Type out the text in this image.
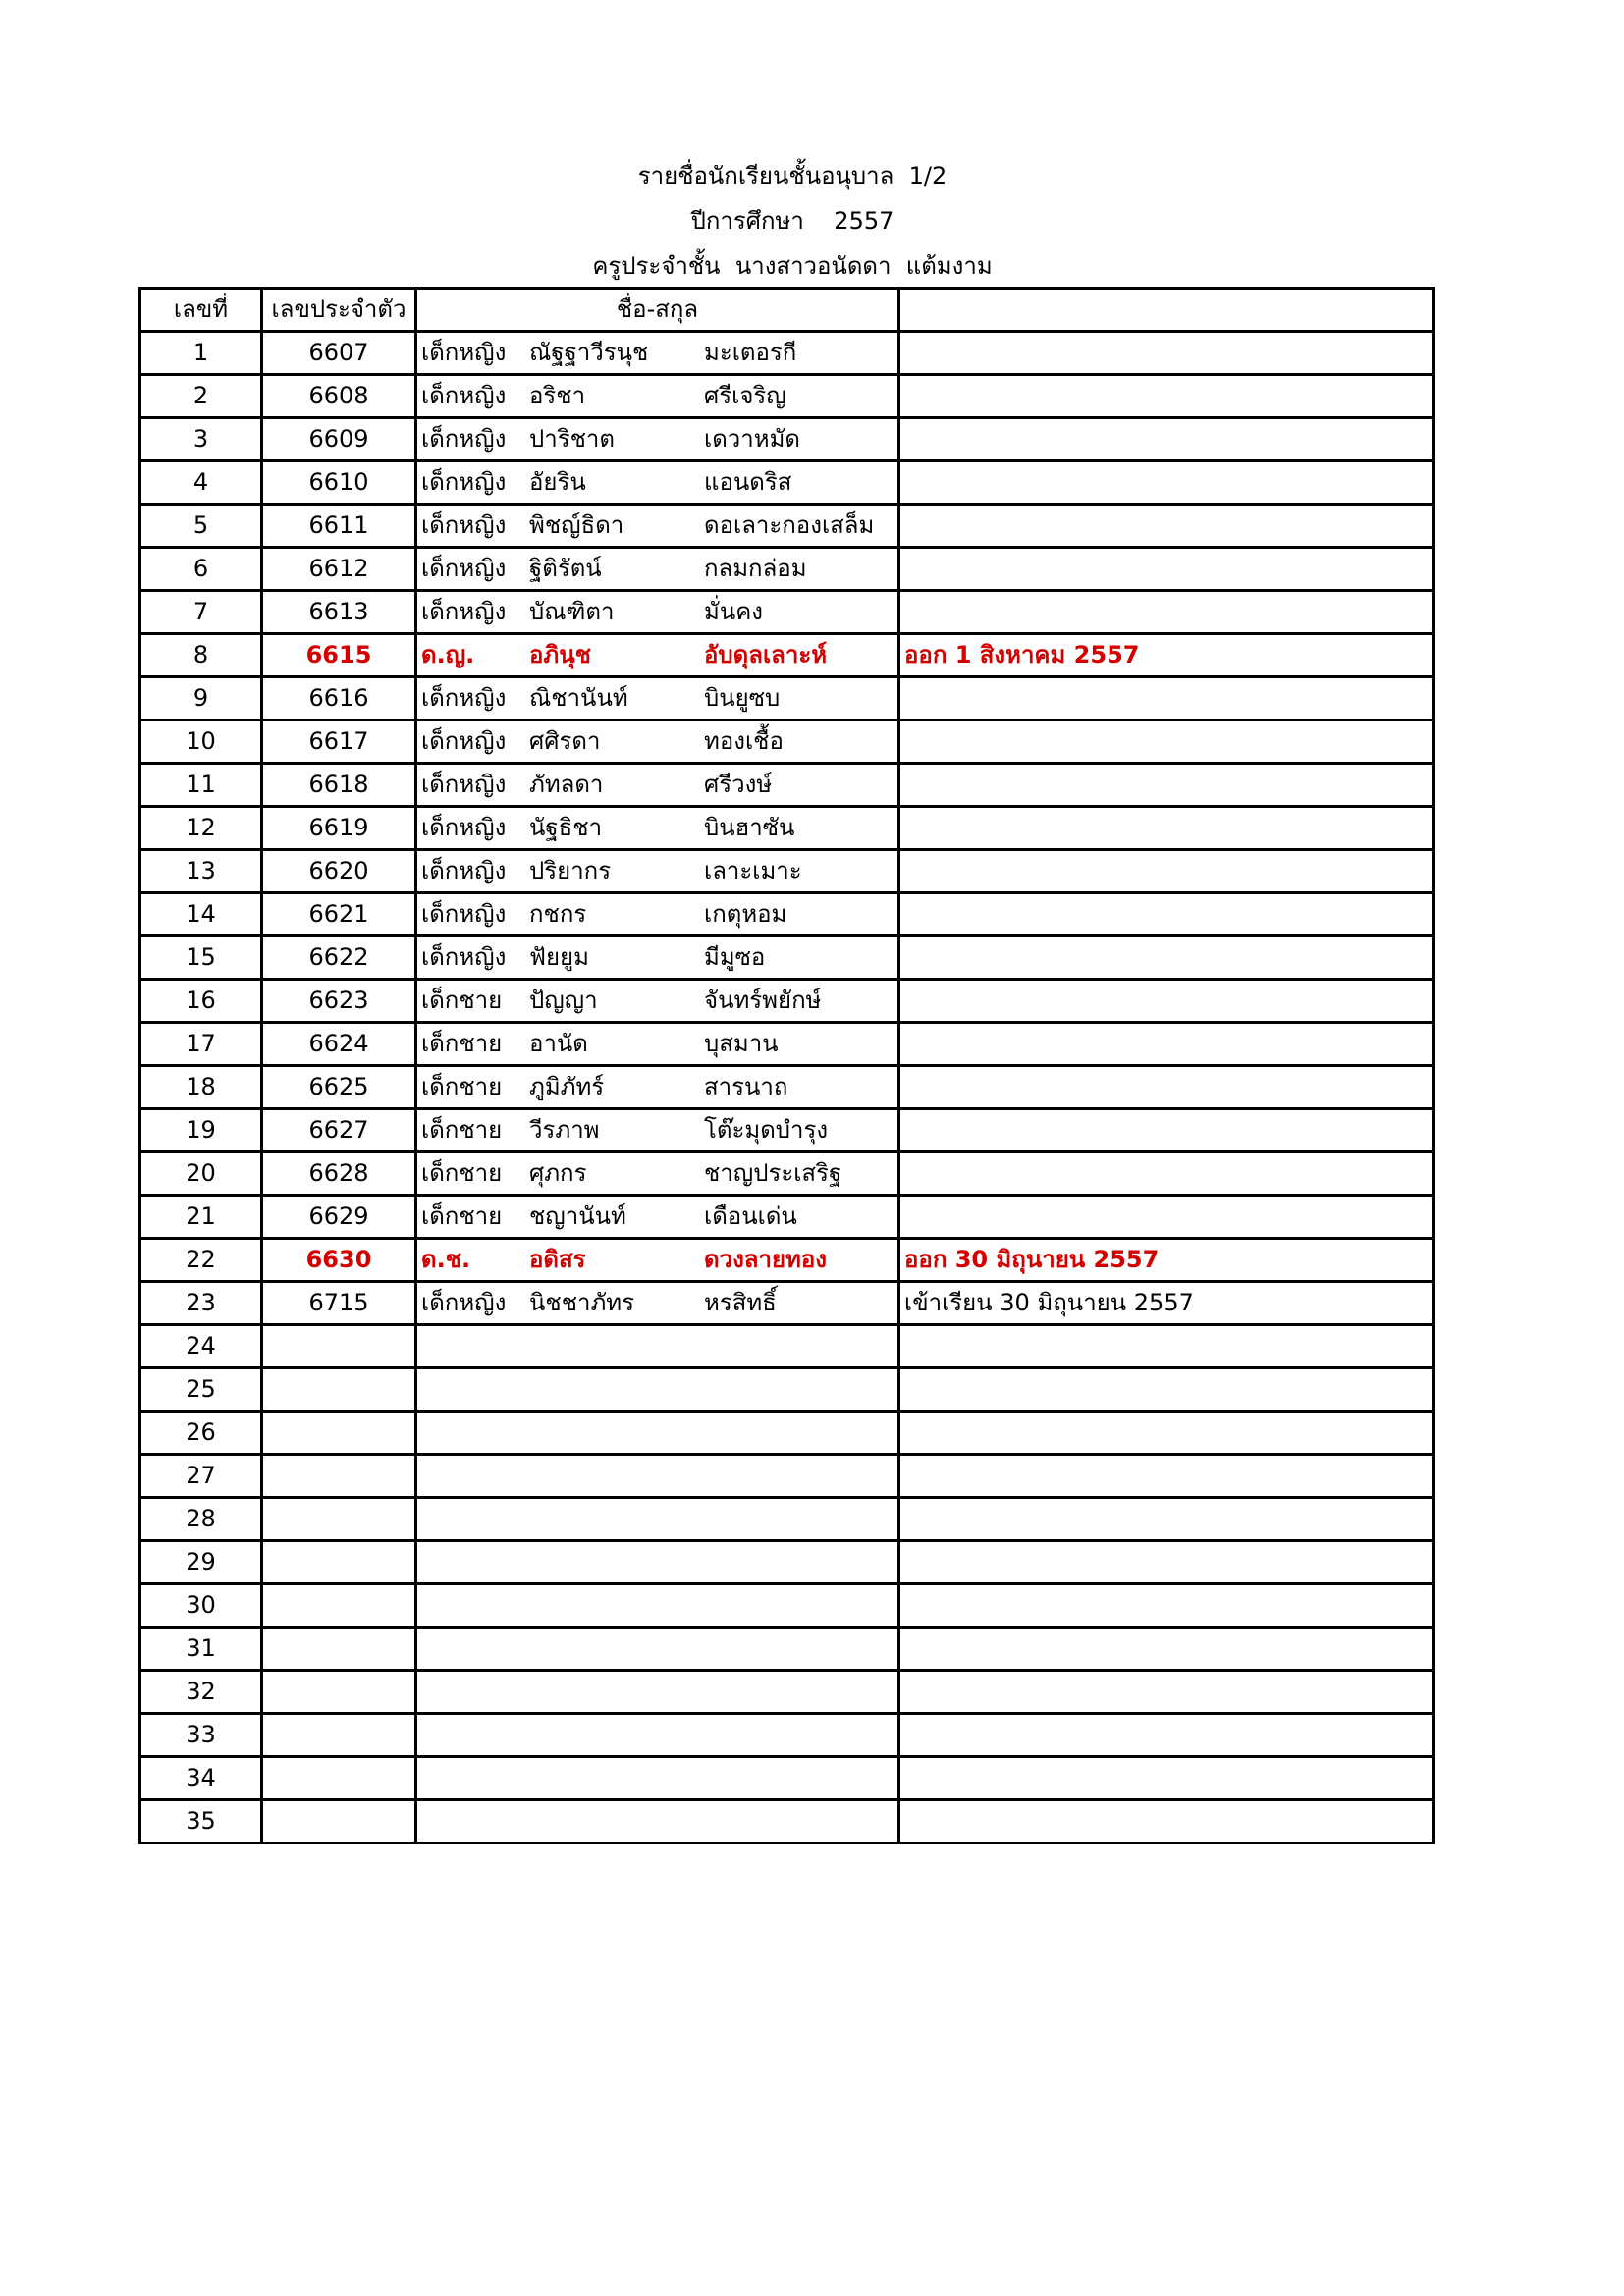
รายชื่อนักเรียนชั้นอนุบาล  1/2
ปีการศึกษา    2557
ครูประจำชั้น  นางสาวอนัดดา  แต้มงาม
เลขที่	เลขประจำตัว	ชื่อ-สกุล	
1	6607	เด็กหญิง ณัฐฐาวีรนุช มะเตอรกี	
2	6608	เด็กหญิง อริชา ศรีเจริญ	
3	6609	เด็กหญิง ปาริชาต เดวาหมัด	
4	6610	เด็กหญิง อัยริน แอนดริส	
5	6611	เด็กหญิง พิชญ์ธิดา ดอเลาะกองเสล็ม	
6	6612	เด็กหญิง ฐิติรัตน์ กลมกล่อม	
7	6613	เด็กหญิง บัณฑิตา มั่นคง	
8	6615	ด.ญ. อภินุช อับดุลเลาะห์	ออก 1 สิงหาคม 2557
9	6616	เด็กหญิง ณิชานันท์ บินยูซบ	
10	6617	เด็กหญิง ศศิรดา ทองเชื้อ	
11	6618	เด็กหญิง ภัทลดา ศรีวงษ์	
12	6619	เด็กหญิง นัฐธิชา บินฮาซัน	
13	6620	เด็กหญิง ปริยากร เลาะเมาะ	
14	6621	เด็กหญิง กชกร เกตุหอม	
15	6622	เด็กหญิง ฟัยยูม มีมูซอ	
16	6623	เด็กชาย ปัญญา จันทร์พยักษ์	
17	6624	เด็กชาย อานัด บุสมาน	
18	6625	เด็กชาย ภูมิภัทร์ สารนาถ	
19	6627	เด็กชาย วีรภาพ โต๊ะมุดบำรุง	
20	6628	เด็กชาย ศุภกร ชาญประเสริฐ	
21	6629	เด็กชาย ชญานันท์ เดือนเด่น	
22	6630	ด.ช. อดิสร ดวงลายทอง	ออก 30 มิถุนายน 2557
23	6715	เด็กหญิง นิชชาภัทร หรสิทธิ์	เข้าเรียน 30 มิถุนายน 2557
24			
25			
26			
27			
28			
29			
30			
31			
32			
33			
34			
35			
